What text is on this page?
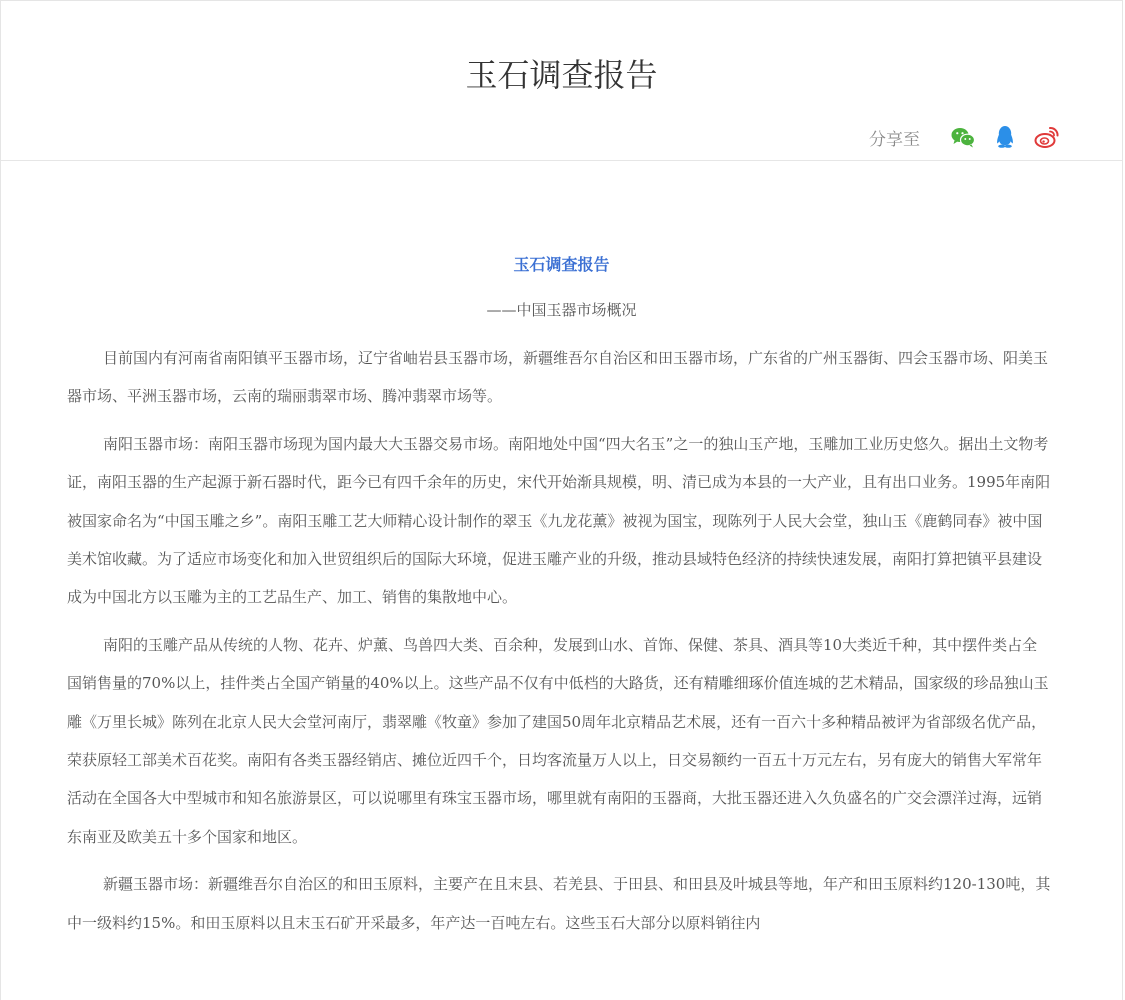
玉石调查报告
分享至
玉石调查报告
——中国玉器市场概况

目前国内有河南省南阳镇平玉器市场，辽宁省岫岩县玉器市场，新疆维吾尔自治区和田玉器市场，广东省的广州玉器街、四会玉器市场、阳美玉器市场、平洲玉器市场，云南的瑞丽翡翠市场、腾冲翡翠市场等。

南阳玉器市场：南阳玉器市场现为国内最大大玉器交易市场。南阳地处中国“四大名玉”之一的独山玉产地，玉雕加工业历史悠久。据出土文物考证，南阳玉器的生产起源于新石器时代，距今已有四千余年的历史，宋代开始渐具规模，明、清已成为本县的一大产业，且有出口业务。1995年南阳被国家命名为“中国玉雕之乡”。南阳玉雕工艺大师精心设计制作的翠玉《九龙花薰》被视为国宝，现陈列于人民大会堂，独山玉《鹿鹤同春》被中国美术馆收藏。为了适应市场变化和加入世贸组织后的国际大环境，促进玉雕产业的升级，推动县域特色经济的持续快速发展，南阳打算把镇平县建设成为中国北方以玉雕为主的工艺品生产、加工、销售的集散地中心。

南阳的玉雕产品从传统的人物、花卉、炉薰、鸟兽四大类、百余种，发展到山水、首饰、保健、茶具、酒具等10大类近千种，其中摆件类占全国销售量的70%以上，挂件类占全国产销量的40%以上。这些产品不仅有中低档的大路货，还有精雕细琢价值连城的艺术精品，国家级的珍品独山玉雕《万里长城》陈列在北京人民大会堂河南厅，翡翠雕《牧童》参加了建国50周年北京精品艺术展，还有一百六十多种精品被评为省部级名优产品，荣获原轻工部美术百花奖。南阳有各类玉器经销店、摊位近四千个，日均客流量万人以上，日交易额约一百五十万元左右，另有庞大的销售大军常年活动在全国各大中型城市和知名旅游景区，可以说哪里有珠宝玉器市场，哪里就有南阳的玉器商，大批玉器还进入久负盛名的广交会漂洋过海，远销东南亚及欧美五十多个国家和地区。

新疆玉器市场：新疆维吾尔自治区的和田玉原料，主要产在且末县、若羌县、于田县、和田县及叶城县等地，年产和田玉原料约120-130吨，其中一级料约15%。和田玉原料以且末玉石矿开采最多，年产达一百吨左右。这些玉石大部分以原料销往内
